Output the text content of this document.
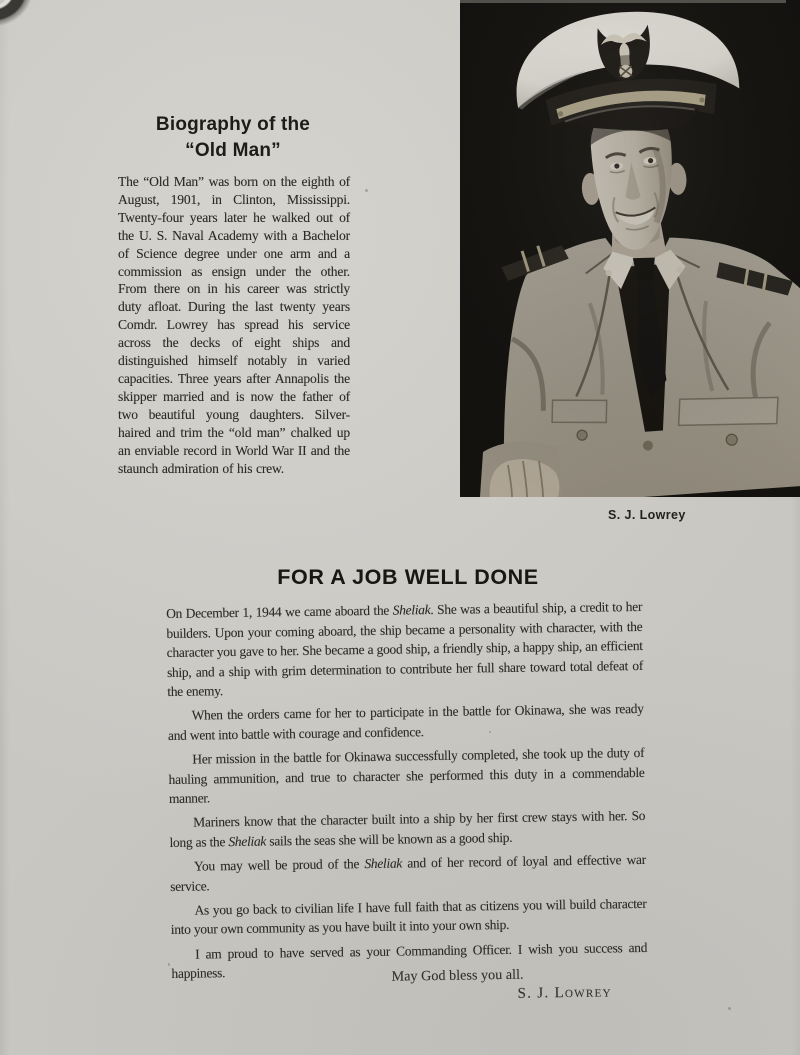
Biography of the
“Old Man”

The “Old Man” was born on the eighth of August, 1901, in Clinton, Mississippi. Twenty-four years later he walked out of the U. S. Naval Academy with a Bachelor of Science degree under one arm and a commission as ensign under the other. From there on in his career was strictly duty afloat. During the last twenty years Comdr. Lowrey has spread his service across the decks of eight ships and distinguished himself notably in varied capacities. Three years after Annapolis the skipper married and is now the father of two beautiful young daughters. Silver-haired and trim the “old man” chalked up an enviable record in World War II and the staunch admiration of his crew.

S. J. Lowrey
FOR A JOB WELL DONE

On December 1, 1944 we came aboard the Sheliak. She was a beautiful ship, a credit to her builders. Upon your coming aboard, the ship became a personality with character, with the character you gave to her. She became a good ship, a friendly ship, a happy ship, an efficient ship, and a ship with grim determination to contribute her full share toward total defeat of the enemy.

When the orders came for her to participate in the battle for Okinawa, she was ready and went into battle with courage and confidence.

Her mission in the battle for Okinawa successfully completed, she took up the duty of hauling ammunition, and true to character she performed this duty in a commendable manner.

Mariners know that the character built into a ship by her first crew stays with her. So long as the Sheliak sails the seas she will be known as a good ship.

You may well be proud of the Sheliak and of her record of loyal and effective war service.

As you go back to civilian life I have full faith that as citizens you will build character into your own community as you have built it into your own ship.

I am proud to have served as your Commanding Officer. I wish you success and happiness.	May God bless you all.

S. J. Lowrey
